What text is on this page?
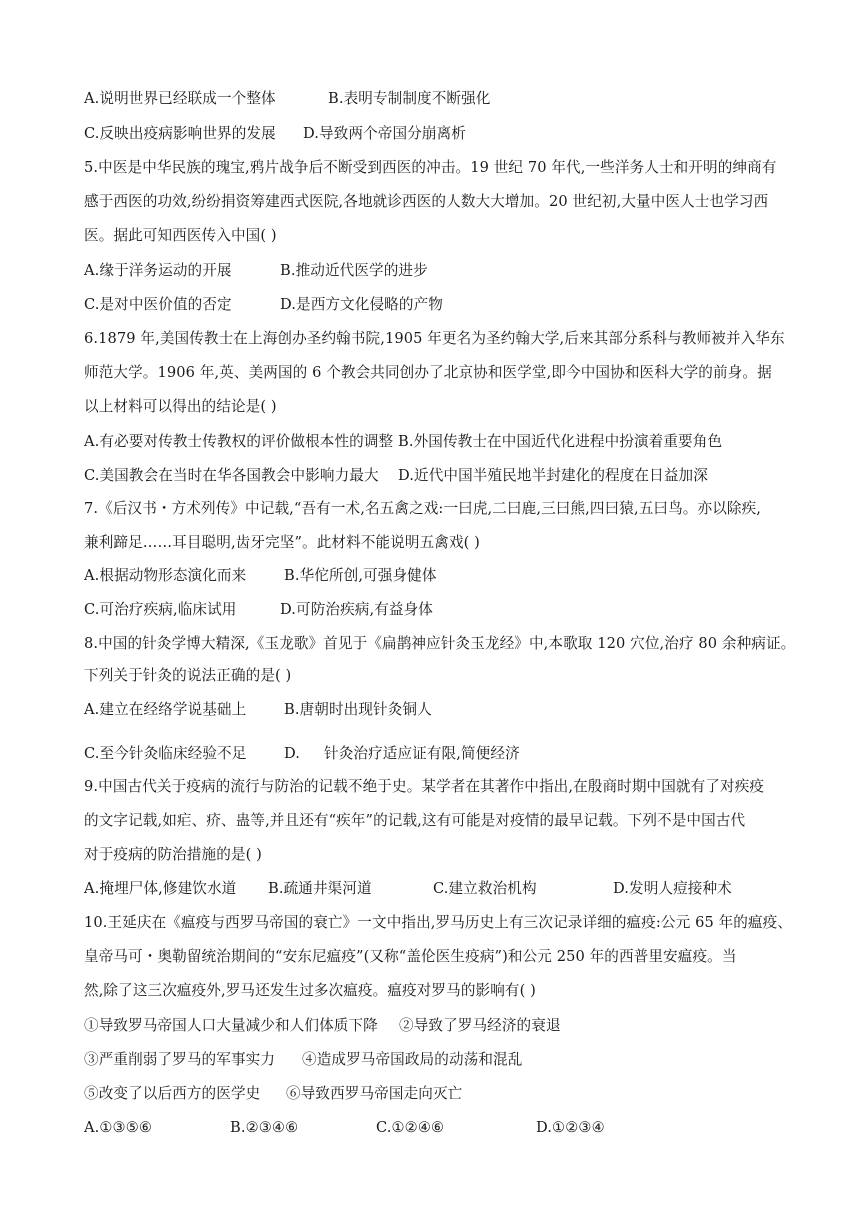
A.说明世界已经联成一个整体	B.表明专制制度不断强化
C.反映出疫病影响世界的发展 D.导致两个帝国分崩离析
5.中医是中华民族的瑰宝,鸦片战争后不断受到西医的冲击。19 世纪 70 年代,一些洋务人士和开明的绅商有
感于西医的功效,纷纷捐资筹建西式医院,各地就诊西医的人数大大增加。20 世纪初,大量中医人士也学习西
医。据此可知西医传入中国( )
A.缘于洋务运动的开展	B.推动近代医学的进步
C.是对中医价值的否定	D.是西方文化侵略的产物
6.1879 年,美国传教士在上海创办圣约翰书院,1905 年更名为圣约翰大学,后来其部分系科与教师被并入华东
师范大学。1906 年,英、美两国的 6 个教会共同创办了北京协和医学堂,即今中国协和医科大学的前身。据
以上材料可以得出的结论是( )
A.有必要对传教士传教权的评价做根本性的调整 B.外国传教士在中国近代化进程中扮演着重要角色
C.美国教会在当时在华各国教会中影响力最大 D.近代中国半殖民地半封建化的程度在日益加深
7.《后汉书・方术列传》中记载,“吾有一术,名五禽之戏:一曰虎,二曰鹿,三曰熊,四曰猿,五曰鸟。亦以除疾,
兼利蹄足……耳目聪明,齿牙完坚”。此材料不能说明五禽戏( )
A.根据动物形态演化而来	B.华佗所创,可强身健体
C.可治疗疾病,临床试用	D.可防治疾病,有益身体
8.中国的针灸学博大精深,《玉龙歌》首见于《扁鹊神应针灸玉龙经》中,本歌取 120 穴位,治疗 80 余种病证。
下列关于针灸的说法正确的是( )
A.建立在经络学说基础上	B.唐朝时出现针灸铜人
C.至今针灸临床经验不足	D. 针灸治疗适应证有限,简便经济
9.中国古代关于疫病的流行与防治的记载不绝于史。某学者在其著作中指出,在殷商时期中国就有了对疾疫
的文字记载,如疟、疥、蛊等,并且还有“疾年”的记载,这有可能是对疫情的最早记载。下列不是中国古代
对于疫病的防治措施的是( )
A.掩埋尸体,修建饮水道 B.疏通井渠河道	C.建立救治机构	D.发明人痘接种术
10.王延庆在《瘟疫与西罗马帝国的衰亡》一文中指出,罗马历史上有三次记录详细的瘟疫:公元 65 年的瘟疫、
皇帝马可・奥勒留统治期间的“安东尼瘟疫”(又称“盖伦医生疫病”)和公元 250 年的西普里安瘟疫。当
然,除了这三次瘟疫外,罗马还发生过多次瘟疫。瘟疫对罗马的影响有( )
①导致罗马帝国人口大量减少和人们体质下降 ②导致了罗马经济的衰退
③严重削弱了罗马的军事实力 ④造成罗马帝国政局的动荡和混乱
⑤改变了以后西方的医学史 ⑥导致西罗马帝国走向灭亡
A.①③⑤⑥	B.②③④⑥	C.①②④⑥	D.①②③④
